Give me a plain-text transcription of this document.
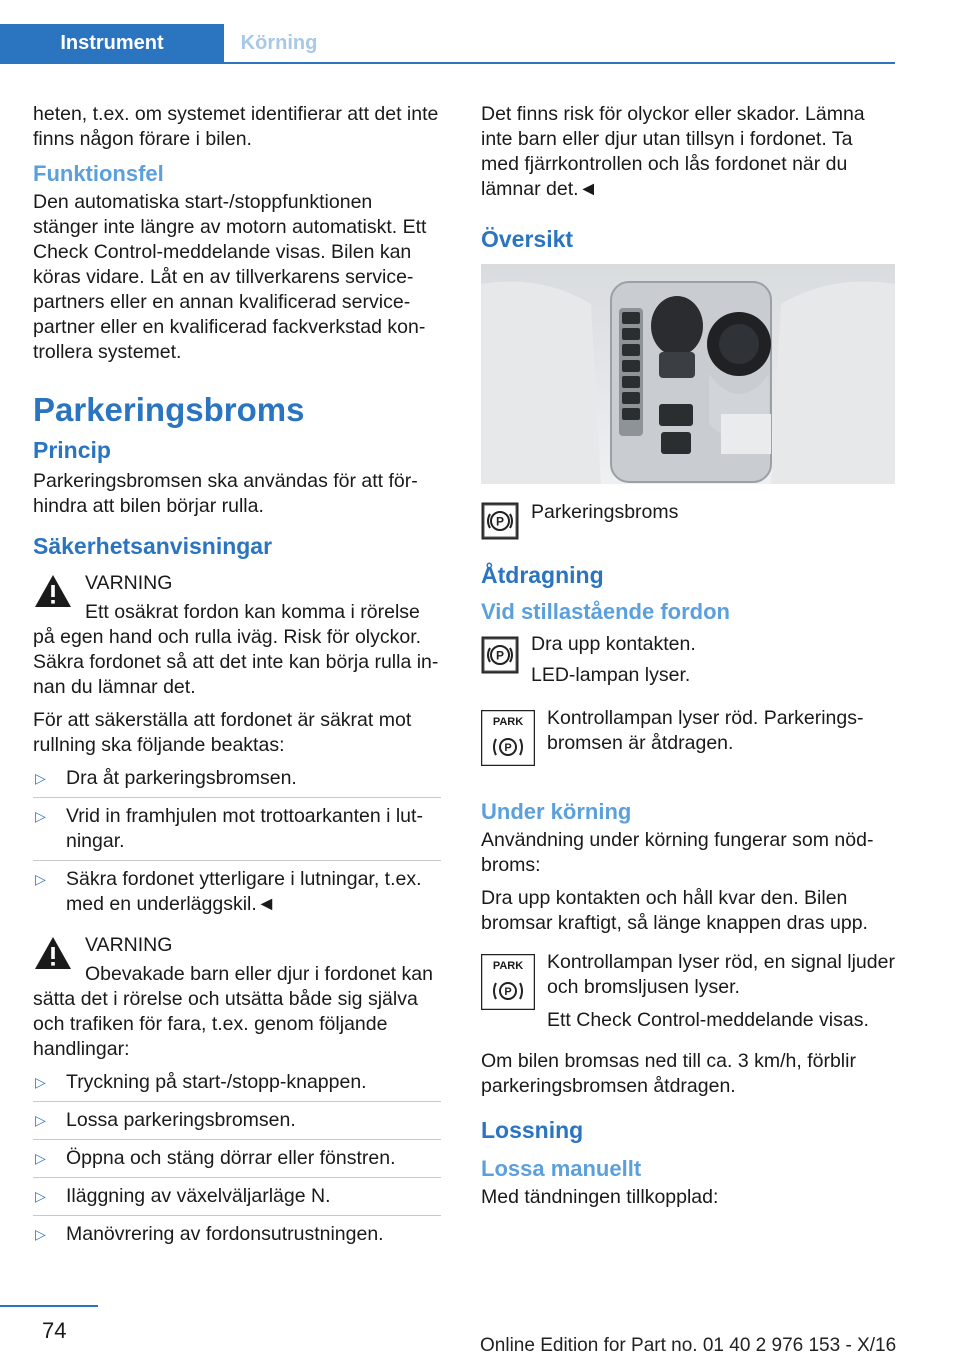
Instrument	Körning

heten, t.ex. om systemet identifierar att det inte finns någon förare i bilen.

Funktionsfel

Den automatiska start-/stoppfunktionen stänger inte längre av motorn automatiskt. Ett Check Control-meddelande visas. Bilen kan köras vidare. Låt en av tillverkarens servicepartners eller en annan kvalificerad servicepartner eller en kvalificerad fackverkstad kontrollera systemet.

Parkeringsbroms
Princip

Parkeringsbromsen ska användas för att förhindra att bilen börjar rulla.

Säkerhetsanvisningar
VARNING

Ett osäkrat fordon kan komma i rörelse på egen hand och rulla iväg. Risk för olyckor. Säkra fordonet så att det inte kan börja rulla innan du lämnar det.

För att säkerställa att fordonet är säkrat mot rullning ska följande beaktas:

▷ Dra åt parkeringsbromsen.
▷ Vrid in framhjulen mot trottoarkanten i lutningar.
▷ Säkra fordonet ytterligare i lutningar, t.ex. med en underläggskil.◄
VARNING

Obevakade barn eller djur i fordonet kan sätta det i rörelse och utsätta både sig själva och trafiken för fara, t.ex. genom följande handlingar:

▷ Tryckning på start-/stopp-knappen.
▷ Lossa parkeringsbromsen.
▷ Öppna och stäng dörrar eller fönstren.
▷ Iläggning av växelväljarläge N.
▷ Manövrering av fordonsutrustningen.

Det finns risk för olyckor eller skador. Lämna inte barn eller djur utan tillsyn i fordonet. Ta med fjärrkontrollen och lås fordonet när du lämnar det.◄

Översikt
P	Parkeringsbroms
Åtdragning
Vid stillastående fordon
P

Dra upp kontakten.

LED-lampan lyser.

P
PARK	Kontrollampan lyser röd. Parkeringsbromsen är åtdragen.

Under körning

Användning under körning fungerar som nödbroms:

Dra upp kontakten och håll kvar den. Bilen bromsar kraftigt, så länge knappen dras upp.

P
PARK	Kontrollampan lyser röd, en signal ljuder och bromsljusen lyser.

Ett Check Control-meddelande visas.

Om bilen bromsas ned till ca. 3 km/h, förblir parkeringsbromsen åtdragen.

Lossning
Lossa manuellt

Med tändningen tillkopplad:

74
Online Edition for Part no. 01 40 2 976 153 - X/16
